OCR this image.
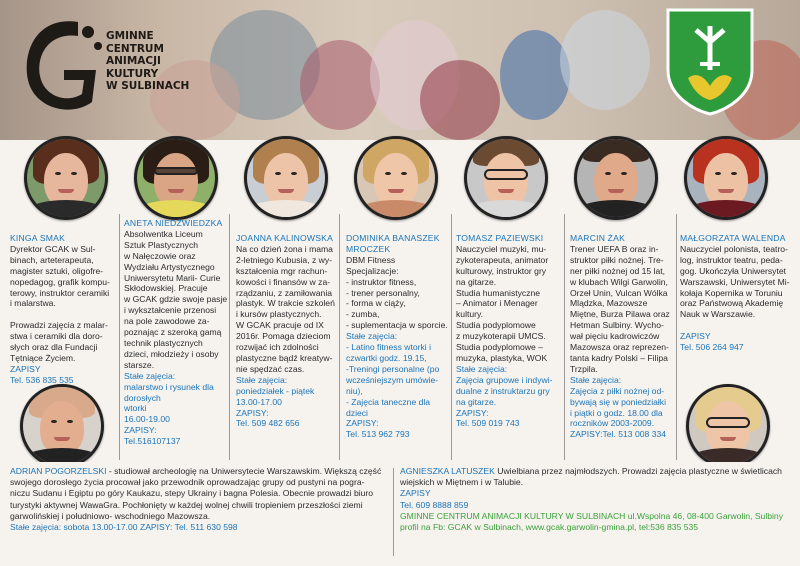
GMINNE
CENTRUM
ANIMACJI
KULTURY
W SULBINACH
KINGA SMAK
Dyrektor GCAK w Sul-
binach, arteterapeuta,
magister sztuki, oligofre-
nopedagog, grafik kompu-
terowy, instruktor ceramiki
i malarstwa.
Prowadzi zajęcia z malar-
stwa i ceramiki dla doro-
słych oraz dla Fundacji
Tętniące Życiem.
ZAPISY
Tel. 536 835 535
ANETA NIEDŹWIEDZKA
Absolwentka Liceum
Sztuk Plastycznych
w Nałęczowie oraz
Wydziału Artystycznego
Uniwersytetu Marii- Curie
Skłodowskiej. Pracuje
w GCAK gdzie swoje pasje
i wykształcenie przenosi
na pole zawodowe za-
poznając z szeroką gamą
technik plastycznych
dzieci, młodzieży i osoby
starsze.
Stałe zajęcia:
malarstwo i rysunek dla
dorosłych
wtorki
16.00-19.00
ZAPISY:
Tel.516107137
JOANNA KALINOWSKA
Na co dzień żona i mama
2-letniego Kubusia, z wy-
kształcenia mgr rachun-
kowości i finansów w za-
rządzaniu, z zamiłowania
plastyk. W trakcie szkoleń
i kursów plastycznych.
W GCAK pracuje od IX
2016r. Pomaga dzieciom
rozwijać ich zdolności
plastyczne bądź kreatyw-
nie spędzać czas.
Stałe zajęcia:
poniedziałek - piątek
13.00-17.00
ZAPISY:
Tel. 509 482 656
DOMINIKA BANASZEK
MROCZEK
DBM Fitness
Specjalizacje:
- instruktor fitness,
- trener personalny,
- forma w ciąży,
- zumba,
- suplementacja w sporcie.
Stałe zajęcia:
- Latino fitness wtorki i
czwartki godz. 19.15,
-Treningi personalne (po
wcześniejszym umówie-
niu),
- Zajęcia taneczne dla
dzieci
ZAPISY:
Tel. 513 962 793
TOMASZ PAZIEWSKI
Nauczyciel muzyki, mu-
zykoterapeuta, animator
kulturowy, instruktor gry
na gitarze.
Studia humanistyczne
– Animator i Menager
kultury.
Studia podyplomowe
z muzykoterapii UMCS.
Studia podyplomowe –
muzyka, plastyka, WOK
Stałe zajęcia:
Zajęcia grupowe i indywi-
dualne z instruktarzu gry
na gitarze.
ZAPISY:
Tel. 509 019 743
MARCIN ŻAK
Trener UEFA B oraz in-
struktor piłki nożnej. Tre-
ner piłki nożnej od 15 lat,
w klubach Wilgi Garwolin,
Orzeł Unin, Vulcan Wólka
Mlądzka, Mazowsze
Miętne, Burza Pilawa oraz
Hetman Sulbiny. Wycho-
wał pięciu kadrowiczów
Mazowsza oraz reprezen-
tanta kadry Polski – Filipa
Trzpila.
Stałe zajęcia:
Zajęcia z piłki nożnej od-
bywają się w poniedziałki
i piątki o godz. 18.00 dla
roczników 2003-2009.
ZAPISY:Tel. 513 008 334
MAŁGORZATA WALENDA
Nauczyciel polonista, teatro-
log, instruktor teatru, peda-
gog. Ukończyła Uniwersytet
Warszawski, Uniwersytet Mi-
kołaja Kopernika w Toruniu
oraz Państwową Akademię
Nauk w Warszawie.
ZAPISY
Tel. 506 264 947
ADRIAN POGORZELSKI - studiował archeologię na Uniwersytecie Warszawskim. Większą część
swojego dorosłego życia procował jako przewodnik oprowadzając grupy od pustyni na pogra-
niczu Sudanu i Egiptu po góry Kaukazu, stepy Ukrainy i bagna Polesia. Obecnie prowadzi biuro
turystyki aktywnej WawaGra. Pochłonięty w każdej wolnej chwili tropieniem przeszłości ziemi
garwolińskiej i południowo- wschodniego Mazowsza.
Stałe zajęcia: sobota 13.00-17.00 ZAPISY: Tel. 511 630 598
AGNIESZKA LATUSZEK Uwielbiana przez najmłodszych. Prowadzi zajęcia plastyczne w świetlicach
wiejskich w Miętnem i w Talubie.
ZAPISY
Tel. 609 8888 859
GMINNE CENTRUM ANIMACJI KULTURY W SULBINACH ul.Wspolna 46, 08-400 Garwolin, Sulbiny
profil na Fb: GCAK w Sulbinach, www.gcak.garwolin-gmina.pl, tel:536 835 535
